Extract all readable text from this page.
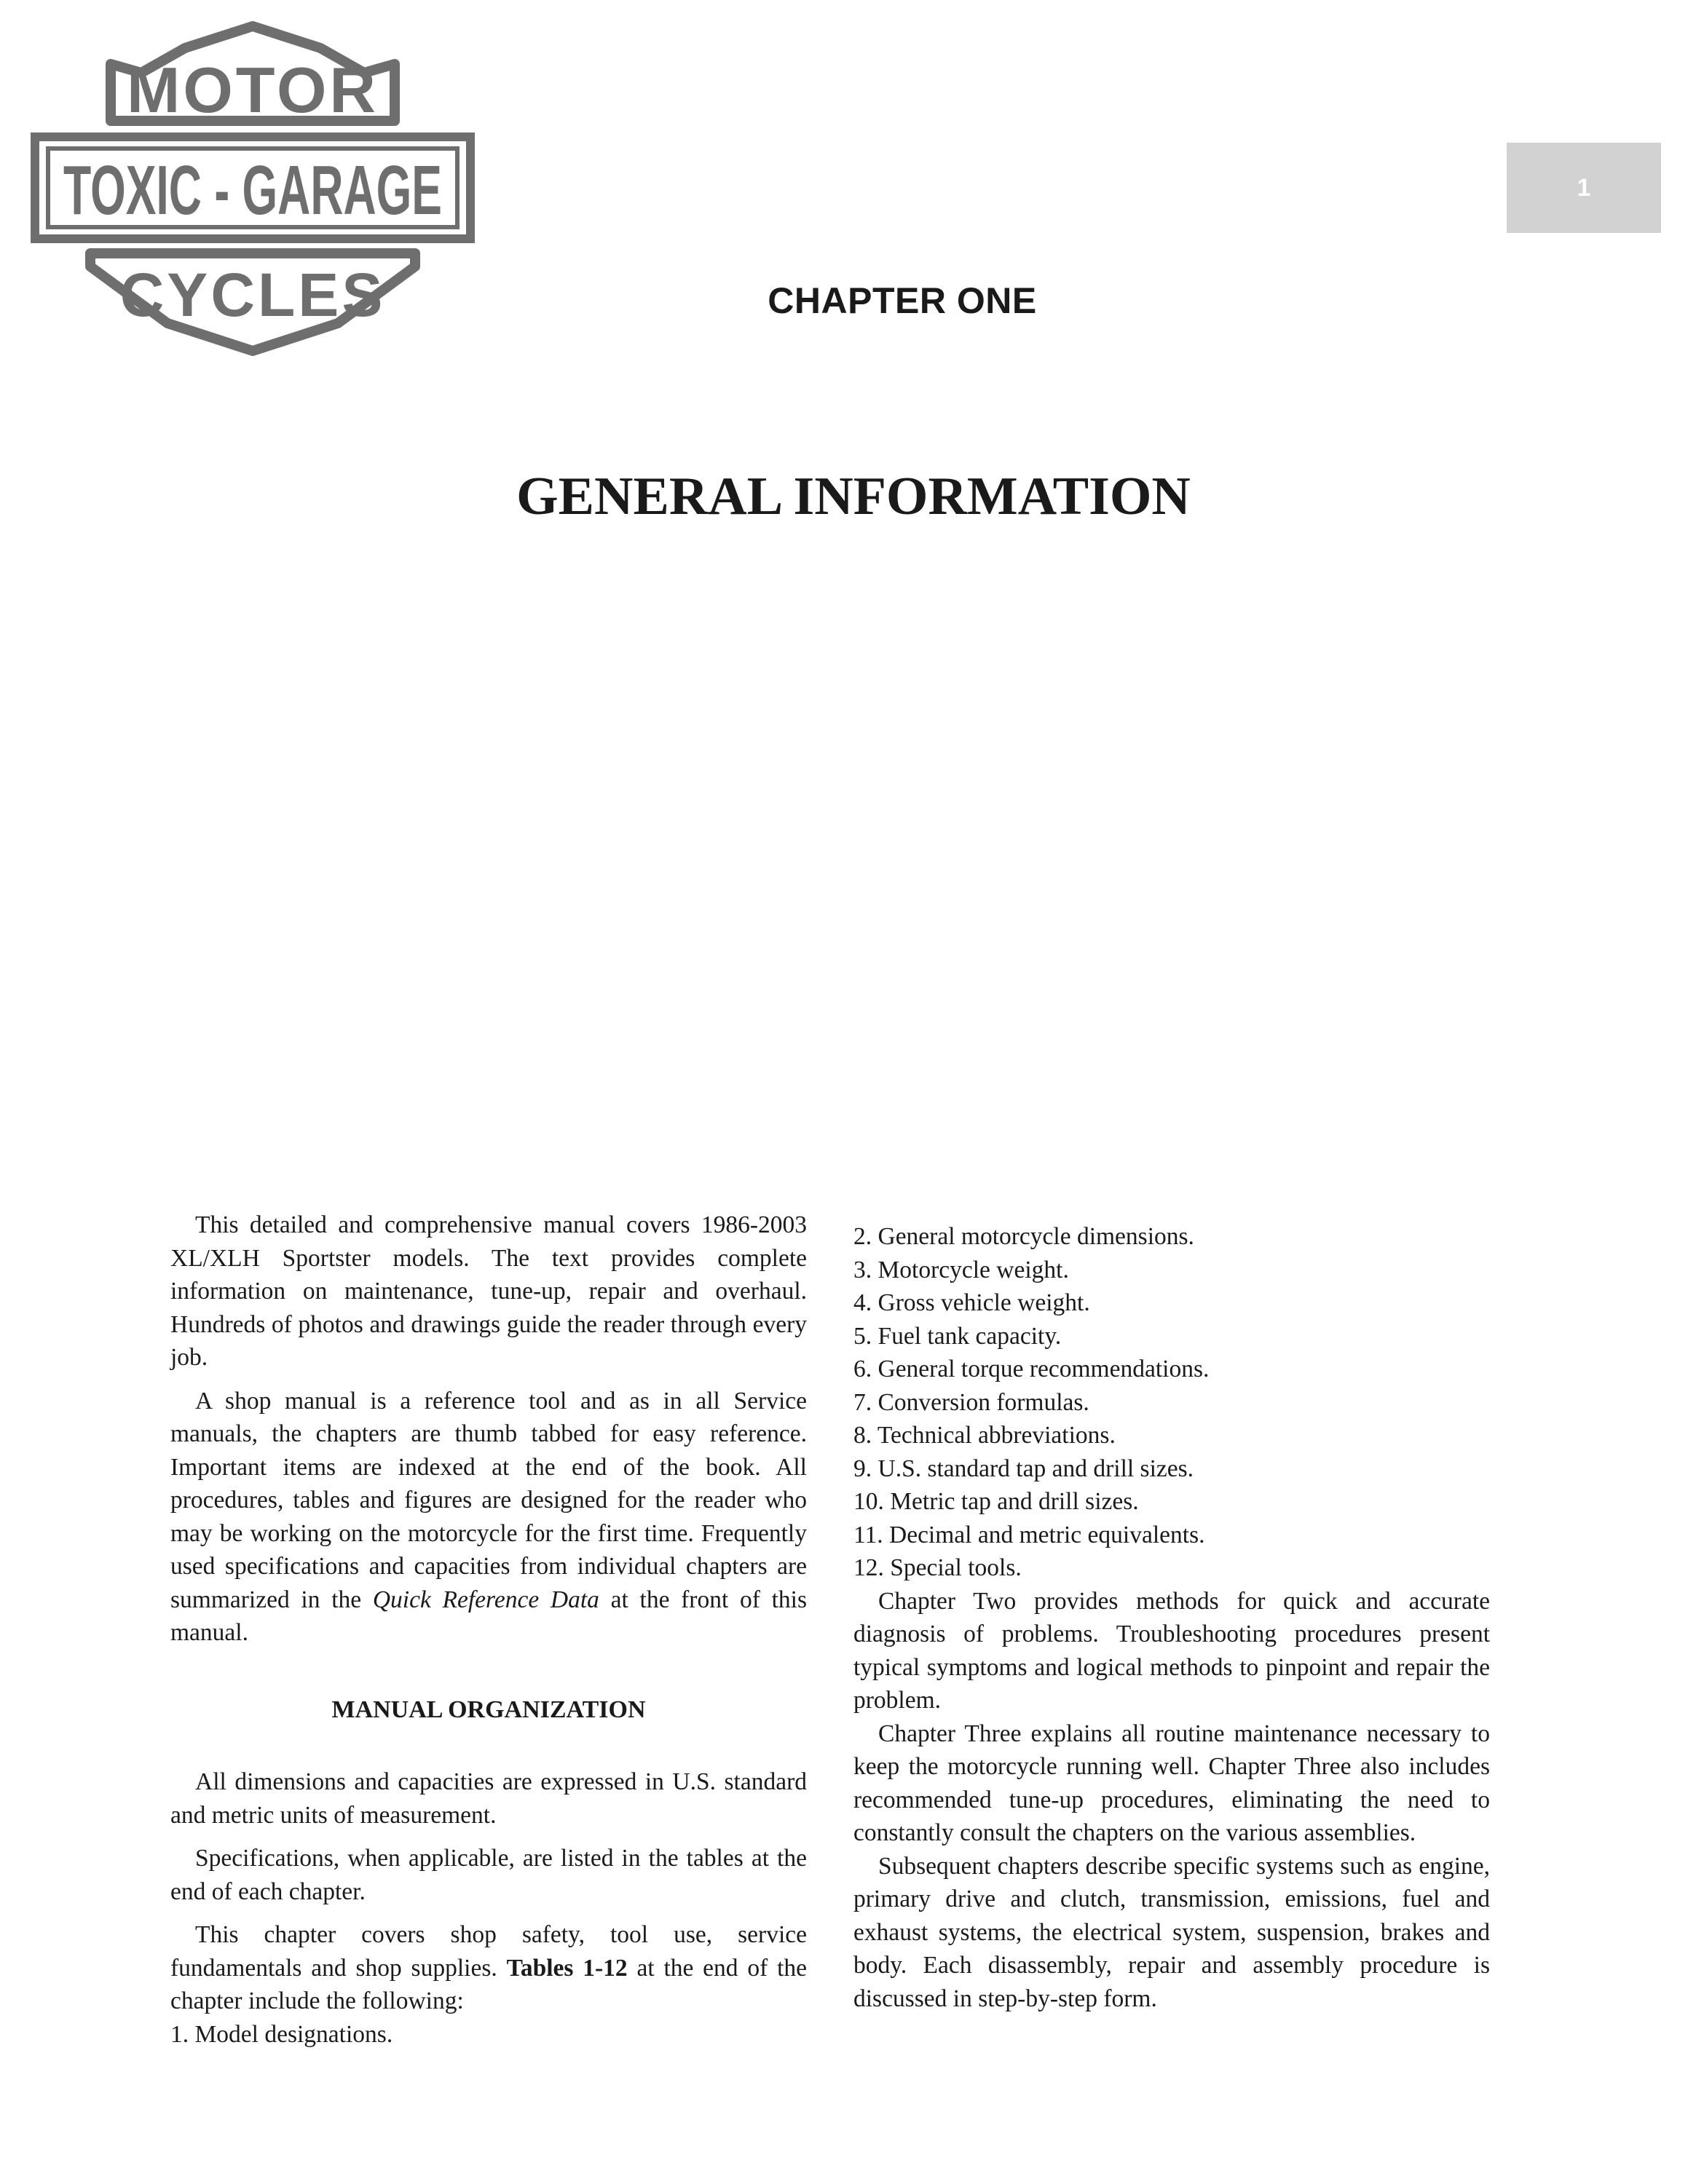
MOTOR
TOXIC - GARAGE
CYCLES
1
CHAPTER ONE
GENERAL INFORMATION

This detailed and comprehensive manual covers 1986-2003 XL/XLH Sportster models. The text provides complete information on maintenance, tune-up, repair and overhaul. Hundreds of photos and drawings guide the reader through every job.

A shop manual is a reference tool and as in all Service manuals, the chapters are thumb tabbed for easy reference. Important items are indexed at the end of the book. All procedures, tables and figures are designed for the reader who may be working on the motorcycle for the first time. Frequently used specifications and capacities from individual chapters are summarized in the Quick Reference Data at the front of this manual.

MANUAL ORGANIZATION

All dimensions and capacities are expressed in U.S. standard and metric units of measurement.

Specifications, when applicable, are listed in the tables at the end of each chapter.

This chapter covers shop safety, tool use, service fundamentals and shop supplies. Tables 1-12 at the end of the chapter include the following:

1. Model designations.
2. General motorcycle dimensions.
3. Motorcycle weight.
4. Gross vehicle weight.
5. Fuel tank capacity.
6. General torque recommendations.
7. Conversion formulas.
8. Technical abbreviations.
9. U.S. standard tap and drill sizes.
10. Metric tap and drill sizes.
11. Decimal and metric equivalents.
12. Special tools.

Chapter Two provides methods for quick and accurate diagnosis of problems. Troubleshooting procedures present typical symptoms and logical methods to pinpoint and repair the problem.

Chapter Three explains all routine maintenance necessary to keep the motorcycle running well. Chapter Three also includes recommended tune-up procedures, eliminating the need to constantly consult the chapters on the various assemblies.

Subsequent chapters describe specific systems such as engine, primary drive and clutch, transmission, emissions, fuel and exhaust systems, the electrical system, suspension, brakes and body. Each disassembly, repair and assembly procedure is discussed in step-by-step form.
